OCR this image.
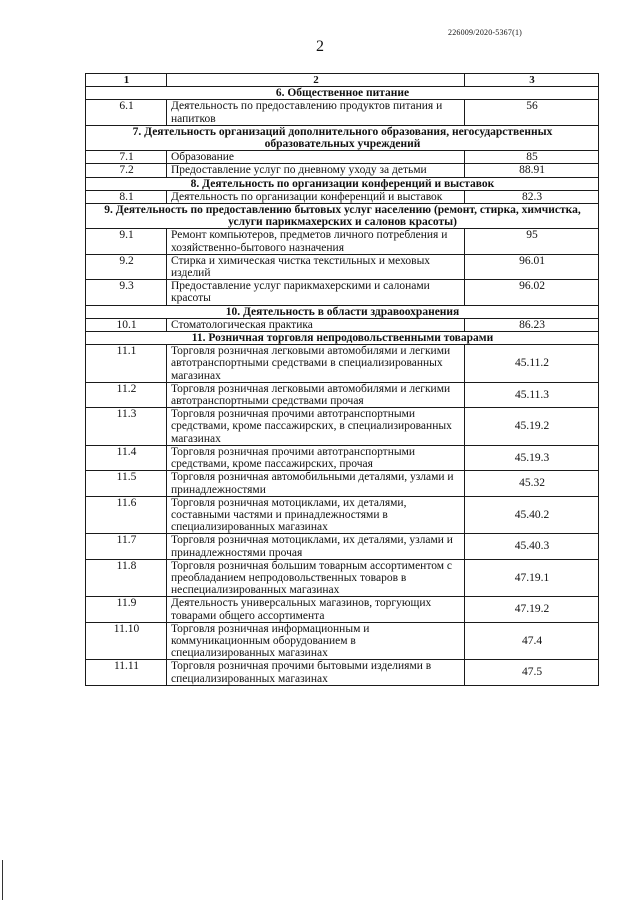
226009/2020-5367(1)
2
1	2	3
6. Общественное питание		
6.1	Деятельность по предоставлению продуктов питания и напитков	56
7. Деятельность организаций дополнительного образования, негосударственных образовательных учреждений		
7.1	Образование	85
7.2	Предоставление услуг по дневному уходу за детьми	88.91
8. Деятельность по организации конференций и выставок		
8.1	Деятельность по организации конференций и выставок	82.3
9. Деятельность по предоставлению бытовых услуг населению (ремонт, стирка, химчистка, услуги парикмахерских и салонов красоты)		
9.1	Ремонт компьютеров, предметов личного потребления и хозяйственно-бытового назначения	95
9.2	Стирка и химическая чистка текстильных и меховых изделий	96.01
9.3	Предоставление услуг парикмахерскими и салонами красоты	96.02
10. Деятельность в области здравоохранения		
10.1	Стоматологическая практика	86.23
11. Розничная торговля непродовольственными товарами		
11.1	Торговля розничная легковыми автомобилями и легкими автотранспортными средствами в специализированных магазинах	45.11.2
11.2	Торговля розничная легковыми автомобилями и легкими автотранспортными средствами прочая	45.11.3
11.3	Торговля розничная прочими автотранспортными средствами, кроме пассажирских, в специализированных магазинах	45.19.2
11.4	Торговля розничная прочими автотранспортными средствами, кроме пассажирских, прочая	45.19.3
11.5	Торговля розничная автомобильными деталями, узлами и принадлежностями	45.32
11.6	Торговля розничная мотоциклами, их деталями, составными частями и принадлежностями в специализированных магазинах	45.40.2
11.7	Торговля розничная мотоциклами, их деталями, узлами и принадлежностями прочая	45.40.3
11.8	Торговля розничная большим товарным ассортиментом с преобладанием непродовольственных товаров в неспециализированных магазинах	47.19.1
11.9	Деятельность универсальных магазинов, торгующих товарами общего ассортимента	47.19.2
11.10	Торговля розничная информационным и коммуникационным оборудованием в специализированных магазинах	47.4
11.11	Торговля розничная прочими бытовыми изделиями в специализированных магазинах	47.5
